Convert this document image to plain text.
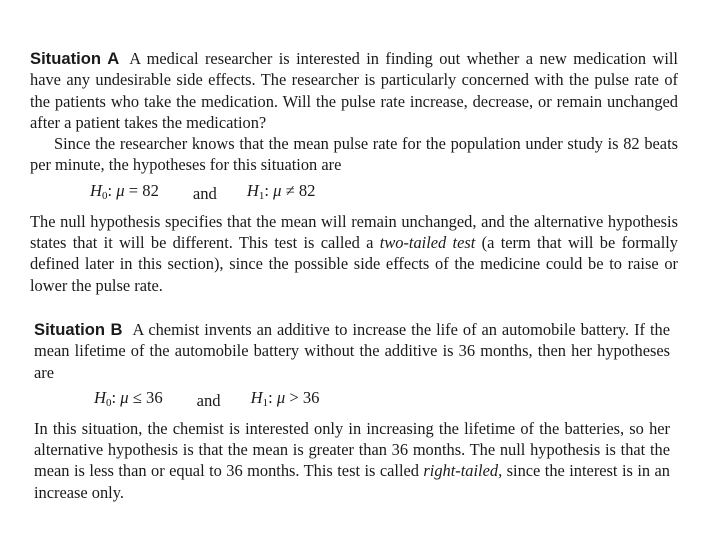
Situation A A medical researcher is interested in finding out whether a new medication will have any undesirable side effects. The researcher is particularly concerned with the pulse rate of the patients who take the medication. Will the pulse rate increase, decrease, or remain unchanged after a patient takes the medication?

Since the researcher knows that the mean pulse rate for the population under study is 82 beats per minute, the hypotheses for this situation are

$H_0$: μ = 82 and $H_1$: μ ≠ 82

The null hypothesis specifies that the mean will remain unchanged, and the alternative hypothesis states that it will be different. This test is called a two-tailed test (a term that will be formally defined later in this section), since the possible side effects of the medicine could be to raise or lower the pulse rate.

Situation B A chemist invents an additive to increase the life of an automobile battery. If the mean lifetime of the automobile battery without the additive is 36 months, then her hypotheses are

$H_0$: μ ≤ 36 and $H_1$: μ > 36

In this situation, the chemist is interested only in increasing the lifetime of the batteries, so her alternative hypothesis is that the mean is greater than 36 months. The null hypothesis is that the mean is less than or equal to 36 months. This test is called right-tailed, since the interest is in an increase only.
